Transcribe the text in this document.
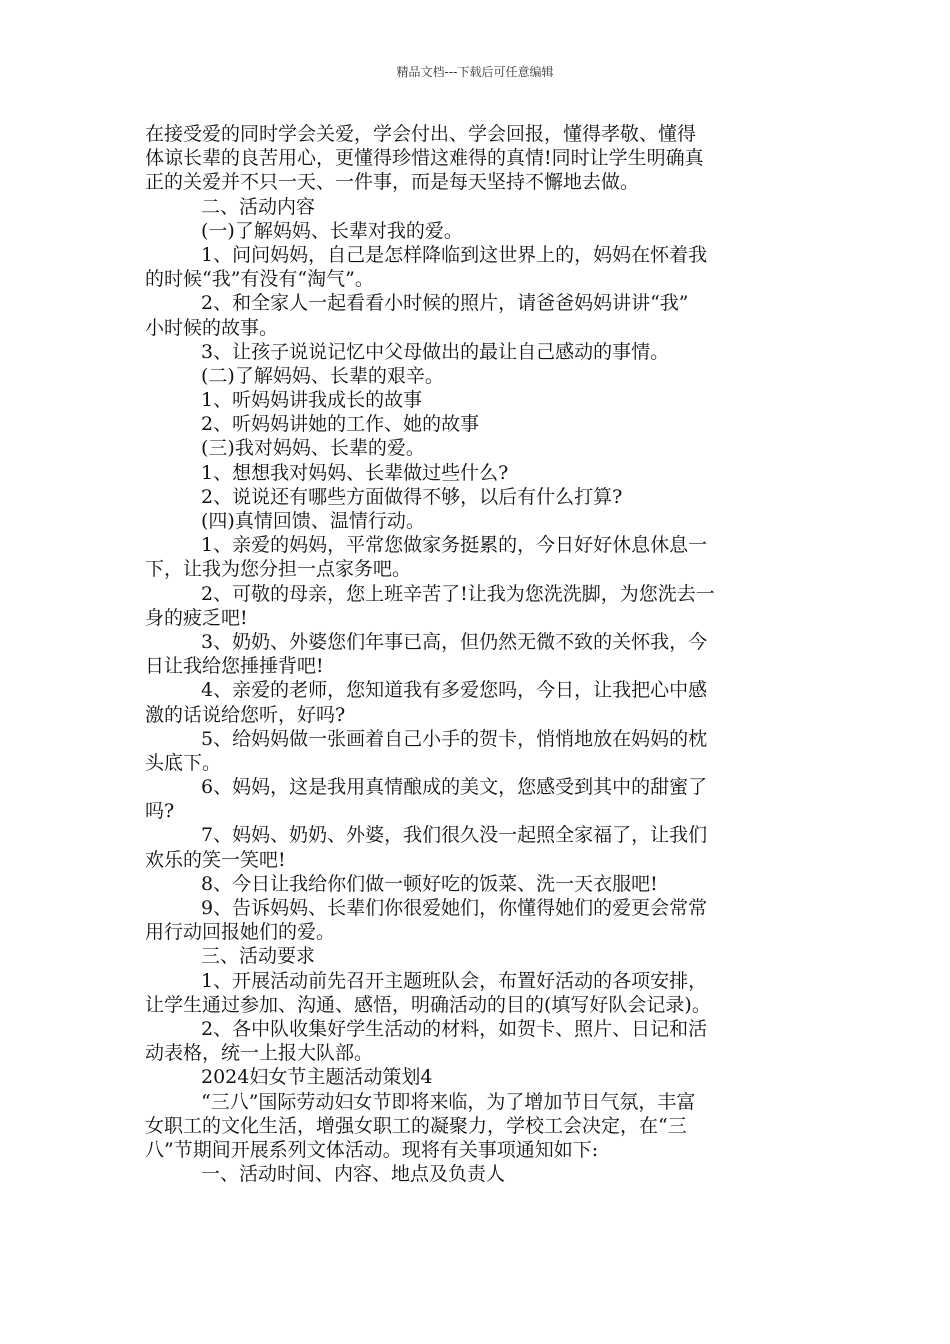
精品文档---下载后可任意编辑
在接受爱的同时学会关爱，学会付出、学会回报，懂得孝敬、懂得
体谅长辈的良苦用心，更懂得珍惜这难得的真情!同时让学生明确真
正的关爱并不只一天、一件事，而是每天坚持不懈地去做。
二、活动内容
(一)了解妈妈、长辈对我的爱。
1、问问妈妈，自己是怎样降临到这世界上的，妈妈在怀着我
的时候“我”有没有“淘气”。
2、和全家人一起看看小时候的照片，请爸爸妈妈讲讲“我”
小时候的故事。
3、让孩子说说记忆中父母做出的最让自己感动的事情。
(二)了解妈妈、长辈的艰辛。
1、听妈妈讲我成长的故事
2、听妈妈讲她的工作、她的故事
(三)我对妈妈、长辈的爱。
1、想想我对妈妈、长辈做过些什么?
2、说说还有哪些方面做得不够，以后有什么打算?
(四)真情回馈、温情行动。
1、亲爱的妈妈，平常您做家务挺累的，今日好好休息休息一
下，让我为您分担一点家务吧。
2、可敬的母亲，您上班辛苦了!让我为您洗洗脚，为您洗去一
身的疲乏吧!
3、奶奶、外婆您们年事已高，但仍然无微不致的关怀我，今
日让我给您捶捶背吧!
4、亲爱的老师，您知道我有多爱您吗，今日，让我把心中感
激的话说给您听，好吗?
5、给妈妈做一张画着自己小手的贺卡，悄悄地放在妈妈的枕
头底下。
6、妈妈，这是我用真情酿成的美文，您感受到其中的甜蜜了
吗?
7、妈妈、奶奶、外婆，我们很久没一起照全家福了，让我们
欢乐的笑一笑吧!
8、今日让我给你们做一顿好吃的饭菜、洗一天衣服吧!
9、告诉妈妈、长辈们你很爱她们，你懂得她们的爱更会常常
用行动回报她们的爱。
三、活动要求
1、开展活动前先召开主题班队会，布置好活动的各项安排，
让学生通过参加、沟通、感悟，明确活动的目的(填写好队会记录)。
2、各中队收集好学生活动的材料，如贺卡、照片、日记和活
动表格，统一上报大队部。
2024妇女节主题活动策划4
“三八”国际劳动妇女节即将来临，为了增加节日气氛，丰富
女职工的文化生活，增强女职工的凝聚力，学校工会决定，在“三
八”节期间开展系列文体活动。现将有关事项通知如下:
一、活动时间、内容、地点及负责人
